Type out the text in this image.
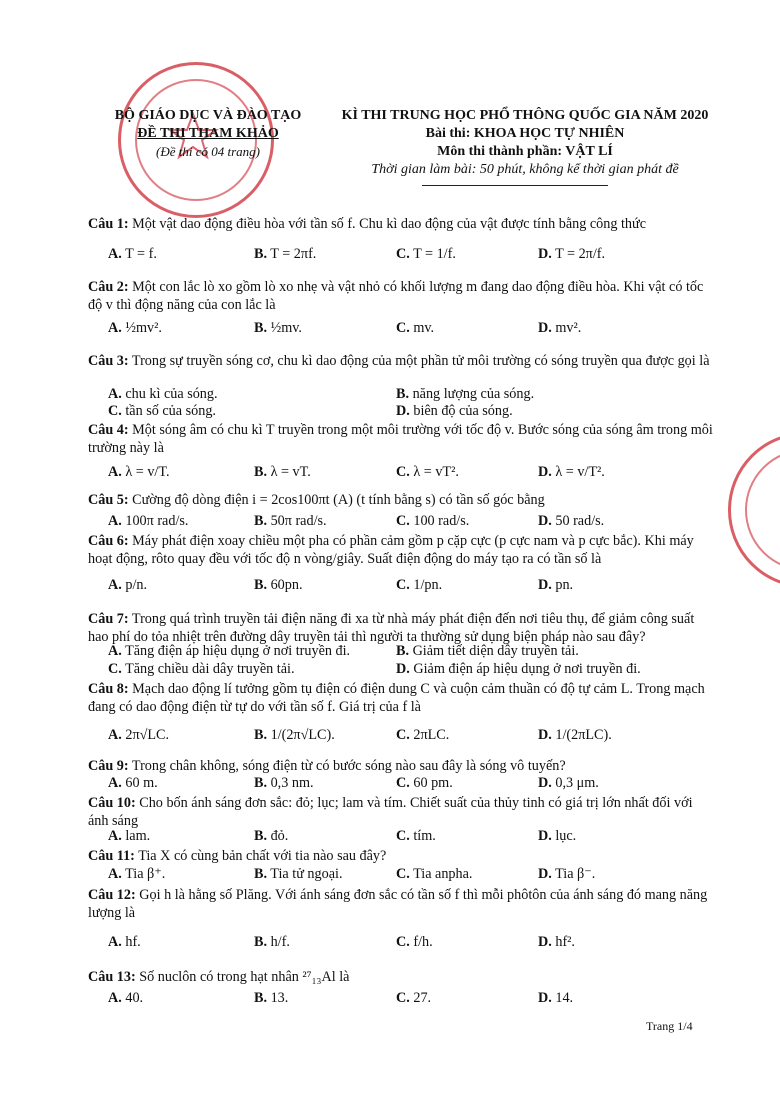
BỘ GIÁO DỤC VÀ ĐÀO TẠO
ĐỀ THI THAM KHẢO
(Đề thi có 04 trang)
KÌ THI TRUNG HỌC PHỔ THÔNG QUỐC GIA NĂM 2020
Bài thi: KHOA HỌC TỰ NHIÊN
Môn thi thành phần: VẬT LÍ
Thời gian làm bài: 50 phút, không kể thời gian phát đề
Câu 1: Một vật dao động điều hòa với tần số f. Chu kì dao động của vật được tính bằng công thức
A. T = f.	B. T = 2πf.	C. T = 1/f.	D. T = 2π/f.
Câu 2: Một con lắc lò xo gồm lò xo nhẹ và vật nhỏ có khối lượng m đang dao động điều hòa. Khi vật có tốc độ v thì động năng của con lắc là
A. ½mv².	B. ½mv.	C. mv.	D. mv².
Câu 3: Trong sự truyền sóng cơ, chu kì dao động của một phần tử môi trường có sóng truyền qua được gọi là
A. chu kì của sóng.	B. năng lượng của sóng.
C. tần số của sóng.	D. biên độ của sóng.
Câu 4: Một sóng âm có chu kì T truyền trong một môi trường với tốc độ v. Bước sóng của sóng âm trong môi trường này là
A. λ = v/T.	B. λ = vT.	C. λ = vT².	D. λ = v/T².
Câu 5: Cường độ dòng điện i = 2cos100πt (A) (t tính bằng s) có tần số góc bằng
A. 100π rad/s.	B. 50π rad/s.	C. 100 rad/s.	D. 50 rad/s.
Câu 6: Máy phát điện xoay chiều một pha có phần cảm gồm p cặp cực (p cực nam và p cực bắc). Khi máy hoạt động, rôto quay đều với tốc độ n vòng/giây. Suất điện động do máy tạo ra có tần số là
A. p/n.	B. 60pn.	C. 1/pn.	D. pn.
Câu 7: Trong quá trình truyền tải điện năng đi xa từ nhà máy phát điện đến nơi tiêu thụ, để giảm công suất hao phí do tỏa nhiệt trên đường dây truyền tải thì người ta thường sử dụng biện pháp nào sau đây?
A. Tăng điện áp hiệu dụng ở nơi truyền đi.	B. Giảm tiết diện dây truyền tải.
C. Tăng chiều dài dây truyền tải.	D. Giảm điện áp hiệu dụng ở nơi truyền đi.
Câu 8: Mạch dao động lí tưởng gồm tụ điện có điện dung C và cuộn cảm thuần có độ tự cảm L. Trong mạch đang có dao động điện từ tự do với tần số f. Giá trị của f là
A. 2π√LC.	B. 1/(2π√LC).	C. 2πLC.	D. 1/(2πLC).
Câu 9: Trong chân không, sóng điện từ có bước sóng nào sau đây là sóng vô tuyến?
A. 60 m.	B. 0,3 nm.	C. 60 pm.	D. 0,3 μm.
Câu 10: Cho bốn ánh sáng đơn sắc: đỏ; lục; lam và tím. Chiết suất của thủy tinh có giá trị lớn nhất đối với ánh sáng
A. lam.	B. đỏ.	C. tím.	D. lục.
Câu 11: Tia X có cùng bản chất với tia nào sau đây?
A. Tia β⁺.	B. Tia tử ngoại.	C. Tia anpha.	D. Tia β⁻.
Câu 12: Gọi h là hằng số Plăng. Với ánh sáng đơn sắc có tần số f thì mỗi phôtôn của ánh sáng đó mang năng lượng là
A. hf.	B. h/f.	C. f/h.	D. hf².
Câu 13: Số nuclôn có trong hạt nhân ²⁷₁₃Al là
A. 40.	B. 13.	C. 27.	D. 14.
Trang 1/4
